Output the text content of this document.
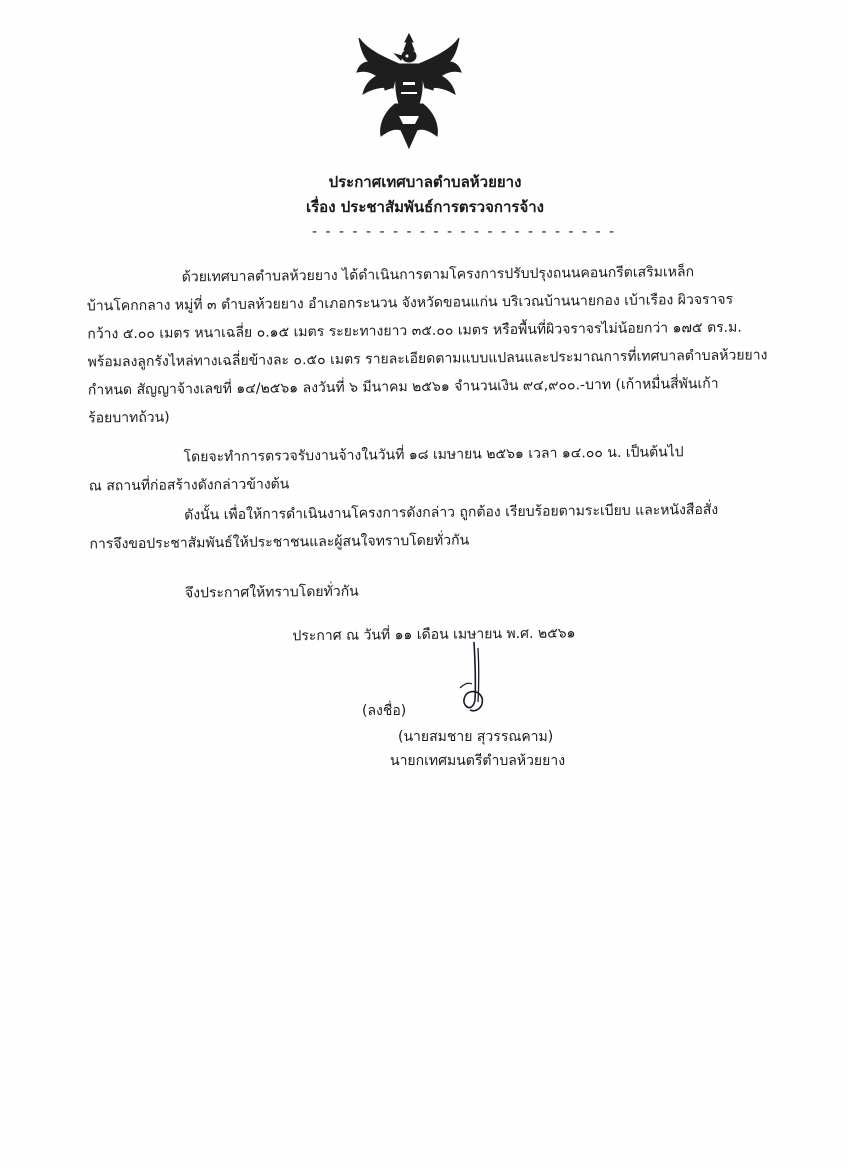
ประกาศเทศบาลตำบลห้วยยาง
เรื่อง ประชาสัมพันธ์การตรวจการจ้าง
- - - - - - - - - - - - - - - - - - - - - - -
ด้วยเทศบาลตำบลห้วยยาง ได้ดำเนินการตามโครงการปรับปรุงถนนคอนกรีตเสริมเหล็ก
บ้านโคกกลาง หมู่ที่ ๓ ตำบลห้วยยาง อำเภอกระนวน จังหวัดขอนแก่น บริเวณบ้านนายกอง เบ้าเรือง ผิวจราจร
กว้าง ๕.๐๐ เมตร หนาเฉลี่ย ๐.๑๕ เมตร ระยะทางยาว ๓๕.๐๐ เมตร หรือพื้นที่ผิวจราจรไม่น้อยกว่า ๑๗๕ ตร.ม.
พร้อมลงลูกรังไหล่ทางเฉลี่ยข้างละ ๐.๕๐ เมตร รายละเอียดตามแบบแปลนและประมาณการที่เทศบาลตำบลห้วยยาง
กำหนด สัญญาจ้างเลขที่ ๑๔/๒๕๖๑ ลงวันที่ ๖ มีนาคม ๒๕๖๑ จำนวนเงิน ๙๔,๙๐๐.-บาท (เก้าหมื่นสี่พันเก้า
ร้อยบาทถ้วน)
โดยจะทำการตรวจรับงานจ้างในวันที่ ๑๘ เมษายน ๒๕๖๑ เวลา ๑๔.๐๐ น. เป็นต้นไป
ณ สถานที่ก่อสร้างดังกล่าวข้างต้น
ดังนั้น เพื่อให้การดำเนินงานโครงการดังกล่าว ถูกต้อง เรียบร้อยตามระเบียบ และหนังสือสั่ง
การจึงขอประชาสัมพันธ์ให้ประชาชนและผู้สนใจทราบโดยทั่วกัน
จึงประกาศให้ทราบโดยทั่วกัน
ประกาศ ณ วันที่ ๑๑ เดือน เมษายน พ.ศ. ๒๕๖๑
(ลงชื่อ)
(นายสมชาย สุวรรณคาม)
นายกเทศมนตรีตำบลห้วยยาง
